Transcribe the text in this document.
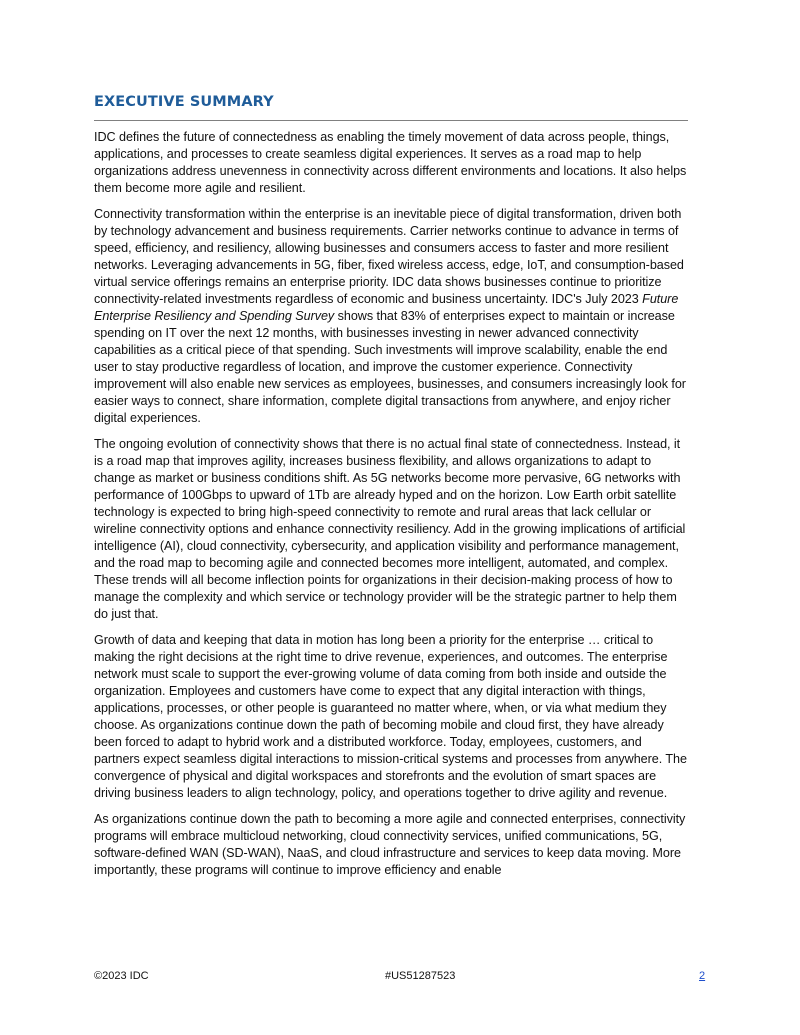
EXECUTIVE SUMMARY

IDC defines the future of connectedness as enabling the timely movement of data across people, things, applications, and processes to create seamless digital experiences. It serves as a road map to help organizations address unevenness in connectivity across different environments and locations. It also helps them become more agile and resilient.

Connectivity transformation within the enterprise is an inevitable piece of digital transformation, driven both by technology advancement and business requirements. Carrier networks continue to advance in terms of speed, efficiency, and resiliency, allowing businesses and consumers access to faster and more resilient networks. Leveraging advancements in 5G, fiber, fixed wireless access, edge, IoT, and consumption-based virtual service offerings remains an enterprise priority. IDC data shows businesses continue to prioritize connectivity-related investments regardless of economic and business uncertainty. IDC's July 2023 Future Enterprise Resiliency and Spending Survey shows that 83% of enterprises expect to maintain or increase spending on IT over the next 12 months, with businesses investing in newer advanced connectivity capabilities as a critical piece of that spending. Such investments will improve scalability, enable the end user to stay productive regardless of location, and improve the customer experience. Connectivity improvement will also enable new services as employees, businesses, and consumers increasingly look for easier ways to connect, share information, complete digital transactions from anywhere, and enjoy richer digital experiences.

The ongoing evolution of connectivity shows that there is no actual final state of connectedness. Instead, it is a road map that improves agility, increases business flexibility, and allows organizations to adapt to change as market or business conditions shift. As 5G networks become more pervasive, 6G networks with performance of 100Gbps to upward of 1Tb are already hyped and on the horizon. Low Earth orbit satellite technology is expected to bring high-speed connectivity to remote and rural areas that lack cellular or wireline connectivity options and enhance connectivity resiliency. Add in the growing implications of artificial intelligence (AI), cloud connectivity, cybersecurity, and application visibility and performance management, and the road map to becoming agile and connected becomes more intelligent, automated, and complex. These trends will all become inflection points for organizations in their decision-making process of how to manage the complexity and which service or technology provider will be the strategic partner to help them do just that.

Growth of data and keeping that data in motion has long been a priority for the enterprise … critical to making the right decisions at the right time to drive revenue, experiences, and outcomes. The enterprise network must scale to support the ever-growing volume of data coming from both inside and outside the organization. Employees and customers have come to expect that any digital interaction with things, applications, processes, or other people is guaranteed no matter where, when, or via what medium they choose. As organizations continue down the path of becoming mobile and cloud first, they have already been forced to adapt to hybrid work and a distributed workforce. Today, employees, customers, and partners expect seamless digital interactions to mission-critical systems and processes from anywhere. The convergence of physical and digital workspaces and storefronts and the evolution of smart spaces are driving business leaders to align technology, policy, and operations together to drive agility and revenue.

As organizations continue down the path to becoming a more agile and connected enterprises, connectivity programs will embrace multicloud networking, cloud connectivity services, unified communications, 5G, software-defined WAN (SD-WAN), NaaS, and cloud infrastructure and services to keep data moving. More importantly, these programs will continue to improve efficiency and enable

©2023 IDC	#US51287523	2
